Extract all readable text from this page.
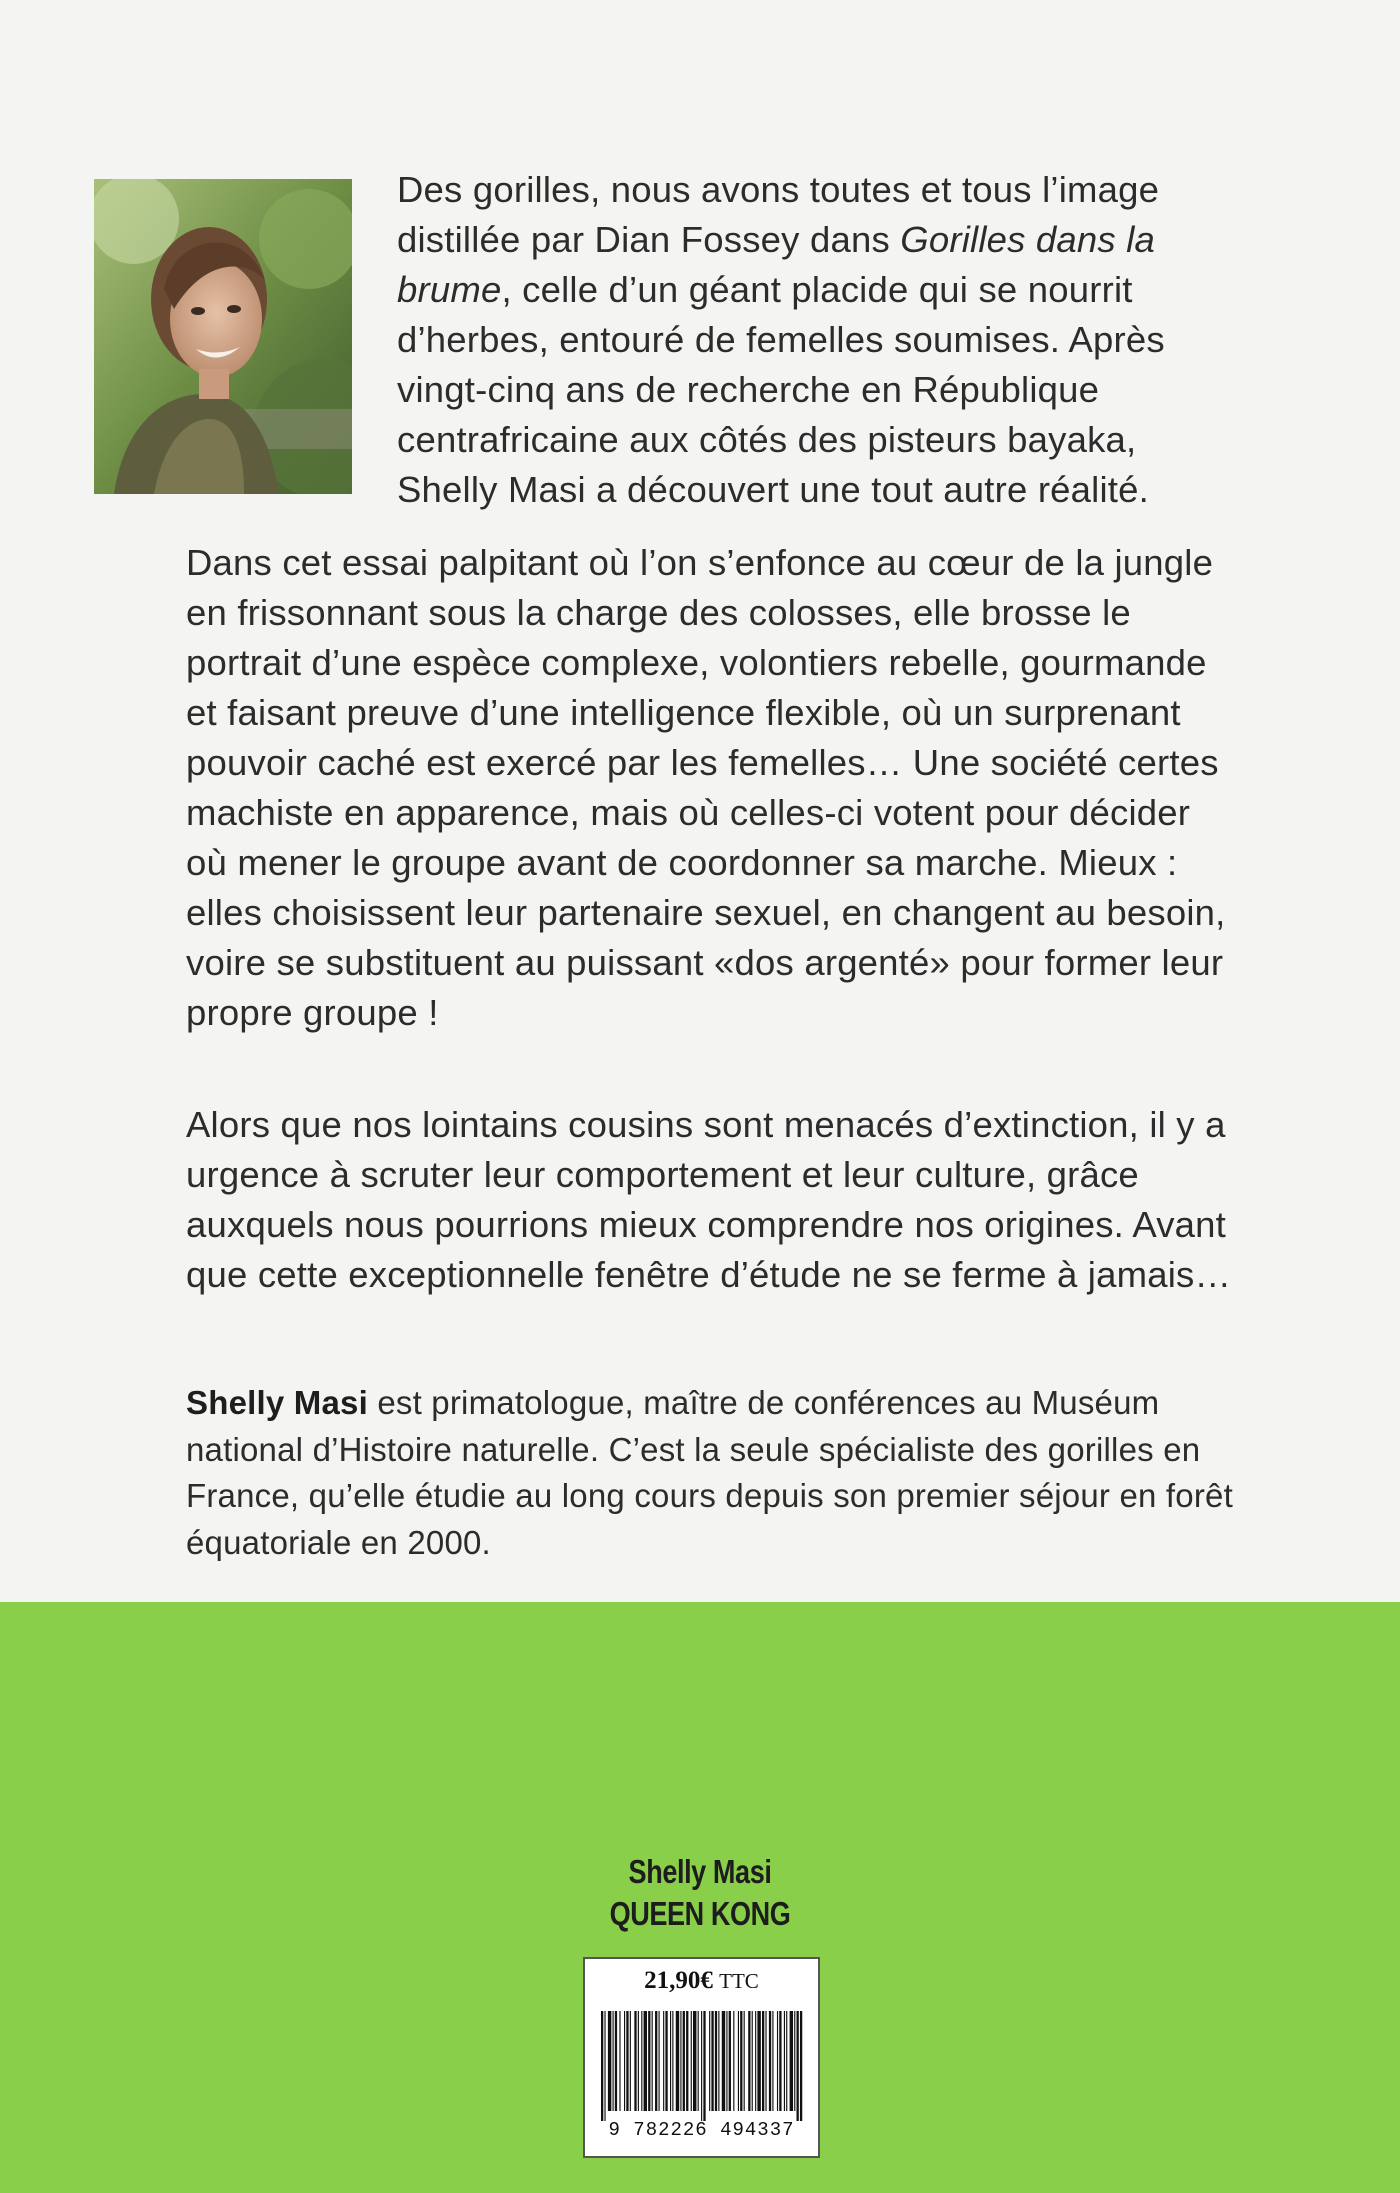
Des gorilles, nous avons toutes et tous l’image distillée par Dian Fossey dans Gorilles dans la brume, celle d’un géant placide qui se nourrit d’herbes, entouré de femelles soumises. Après vingt-cinq ans de recherche en République centrafricaine aux côtés des pisteurs bayaka, Shelly Masi a découvert une tout autre réalité.

Dans cet essai palpitant où l’on s’enfonce au cœur de la jungle en frissonnant sous la charge des colosses, elle brosse le portrait d’une espèce complexe, volontiers rebelle, gourmande et faisant preuve d’une intelligence flexible, où un surprenant pouvoir caché est exercé par les femelles… Une société certes machiste en apparence, mais où celles-ci votent pour décider où mener le groupe avant de coordonner sa marche. Mieux : elles choisissent leur partenaire sexuel, en changent au besoin, voire se substituent au puissant «dos argenté» pour former leur propre groupe !

Alors que nos lointains cousins sont menacés d’extinction, il y a urgence à scruter leur comportement et leur culture, grâce auxquels nous pourrions mieux comprendre nos origines. Avant que cette exceptionnelle fenêtre d’étude ne se ferme à jamais…

Shelly Masi est primatologue, maître de conférences au Muséum national d’Histoire naturelle. C’est la seule spécialiste des gorilles en France, qu’elle étudie au long cours depuis son premier séjour en forêt équatoriale en 2000.

Shelly Masi
QUEEN KONG
21,90€ TTC
9 782226 494337
